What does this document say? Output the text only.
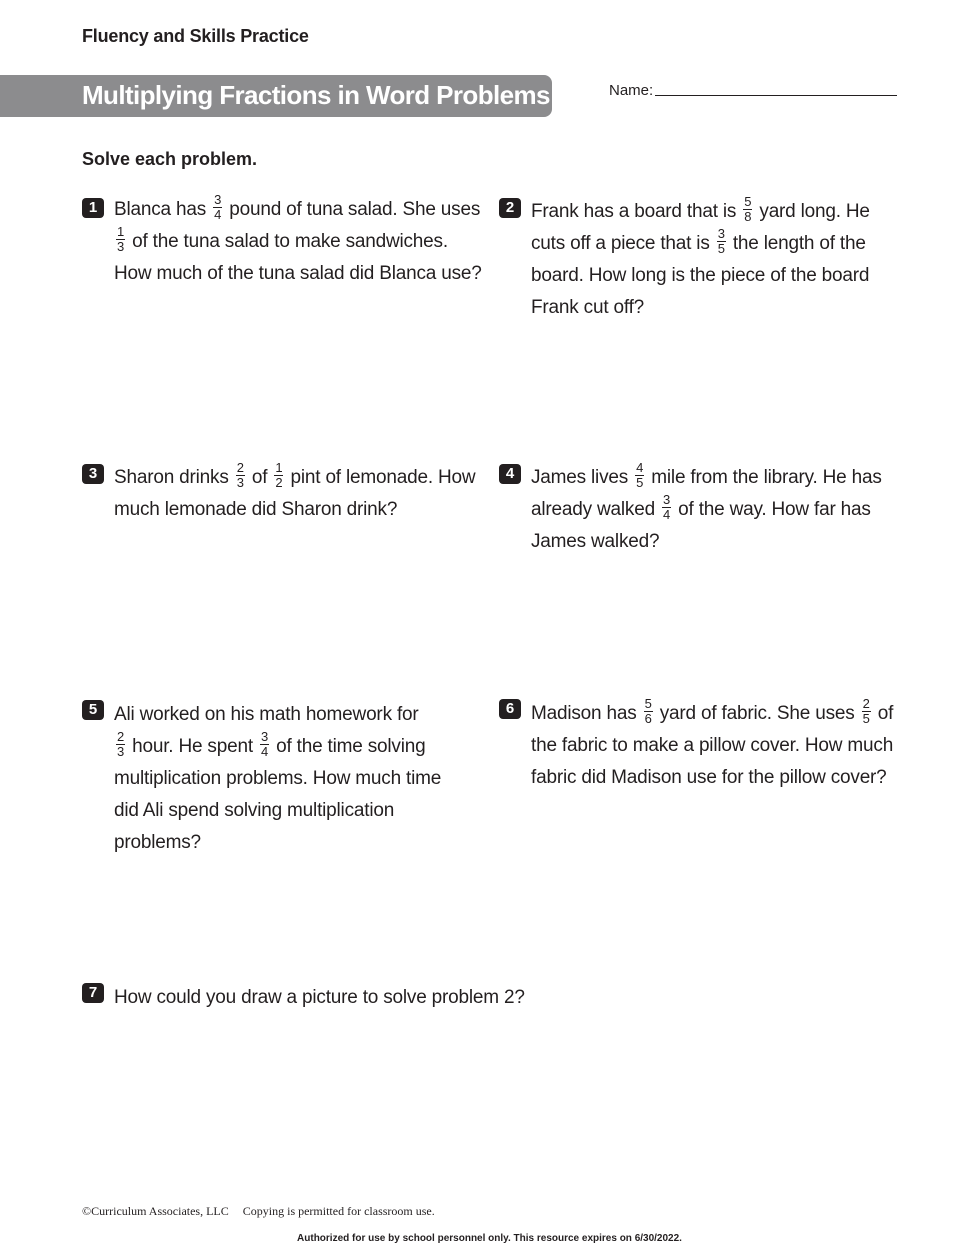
Fluency and Skills Practice
Multiplying Fractions in Word Problems	Name:
Solve each problem.
1 Blanca has $\frac{3}{4}$ pound of tuna salad. She uses
$\frac{1}{3}$ of the tuna salad to make sandwiches.
How much of the tuna salad did Blanca use?
2 Frank has a board that is $\frac{5}{8}$ yard long. He
cuts off a piece that is $\frac{3}{5}$ the length of the
board. How long is the piece of the board
Frank cut off?
3 Sharon drinks $\frac{2}{3}$ of $\frac{1}{2}$ pint of lemonade. How
much lemonade did Sharon drink?
4 James lives $\frac{4}{5}$ mile from the library. He has
already walked $\frac{3}{4}$ of the way. How far has
James walked?
5 Ali worked on his math homework for
$\frac{2}{3}$ hour. He spent $\frac{3}{4}$ of the time solving
multiplication problems. How much time
did Ali spend solving multiplication
problems?
6 Madison has $\frac{5}{6}$ yard of fabric. She uses $\frac{2}{5}$ of
the fabric to make a pillow cover. How much
fabric did Madison use for the pillow cover?
7 How could you draw a picture to solve problem 2?
©Curriculum Associates, LLC Copying is permitted for classroom use.
Authorized for use by school personnel only. This resource expires on 6/30/2022.
